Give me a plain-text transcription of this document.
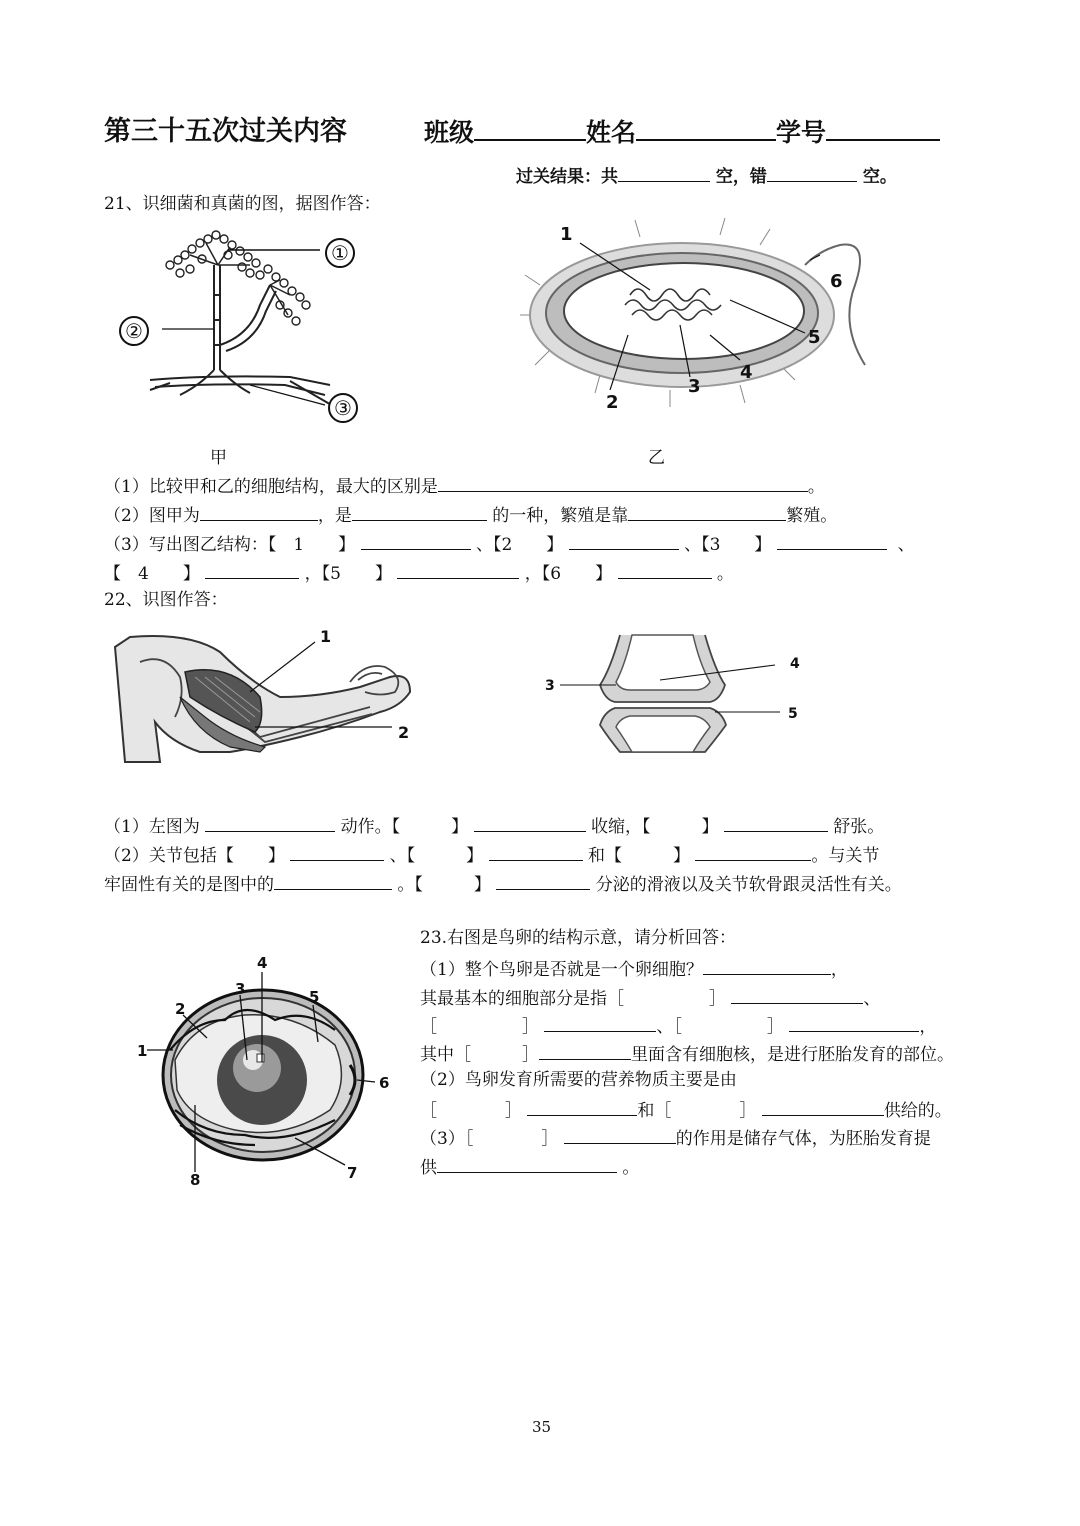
第三十五次过关内容	班级	姓名	学号
过关结果：共	空，错	空。
21、识细菌和真菌的图，据图作答：
①
②
③
1
2
3
4
5
6
甲	乙
（1）比较甲和乙的细胞结构，最大的区别是	。
（2）图甲为	，是	的一种，繁殖是靠	繁殖。
（3）写出图乙结构：【　1　　】	、【2　　】	、【3　　】	、
【　4　　】	，【5　　】	，【6　　】	。
22、识图作答：
1
2
3
4
5
（1）左图为	动作。【　　　】	收缩，【　　　】	舒张。
（2）关节包括【　　】	、【　　　】	和【　　　】	。与关节
牢固性有关的是图中的	。【　　　】	分泌的滑液以及关节软骨跟灵活性有关。
1
2
3
4
5
6
7
8
23.右图是鸟卵的结构示意，请分析回答：
（1）整个鸟卵是否就是一个卵细胞？	，
其最基本的细胞部分是指［　　　　　］	、
［　　　　　］	、［　　　　　］	，
其中［　　　］	里面含有细胞核，是进行胚胎发育的部位。
（2）鸟卵发育所需要的营养物质主要是由
［　　　　］	和［　　　　］	供给的。
（3）［　　　　］	的作用是储存气体，为胚胎发育提
供	。
35
